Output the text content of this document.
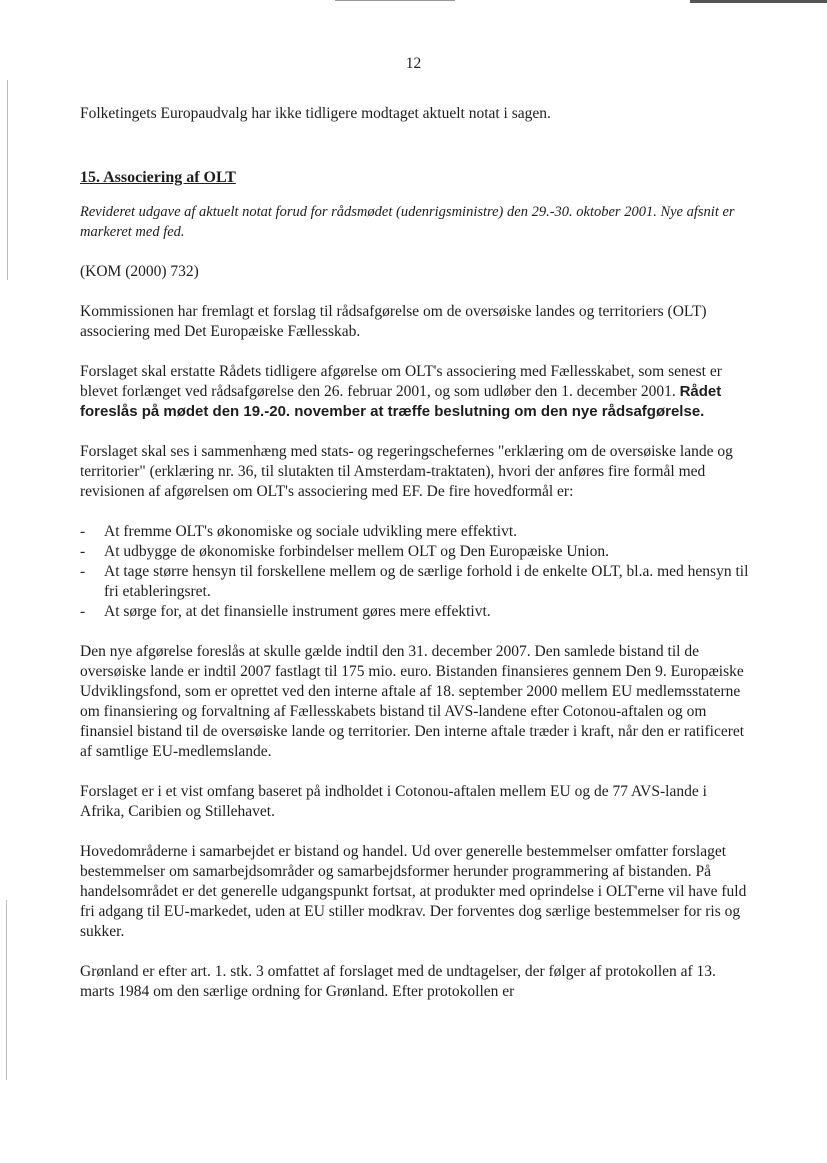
12

Folketingets Europaudvalg har ikke tidligere modtaget aktuelt notat i sagen.

15. Associering af OLT

Revideret udgave af aktuelt notat forud for rådsmødet (udenrigsministre) den 29.-30. oktober 2001. Nye afsnit er markeret med fed.

(KOM (2000) 732)

Kommissionen har fremlagt et forslag til rådsafgørelse om de oversøiske landes og territoriers (OLT) associering med Det Europæiske Fællesskab.

Forslaget skal erstatte Rådets tidligere afgørelse om OLT's associering med Fællesskabet, som senest er blevet forlænget ved rådsafgørelse den 26. februar 2001, og som udløber den 1. december 2001. Rådet foreslås på mødet den 19.-20. november at træffe beslutning om den nye rådsafgørelse.

Forslaget skal ses i sammenhæng med stats- og regeringschefernes "erklæring om de oversøiske lande og territorier" (erklæring nr. 36, til slutakten til Amsterdam-traktaten), hvori der anføres fire formål med revisionen af afgørelsen om OLT's associering med EF. De fire hovedformål er:

- At fremme OLT's økonomiske og sociale udvikling mere effektivt.
- At udbygge de økonomiske forbindelser mellem OLT og Den Europæiske Union.
- At tage større hensyn til forskellene mellem og de særlige forhold i de enkelte OLT, bl.a. med hensyn til fri etableringsret.
- At sørge for, at det finansielle instrument gøres mere effektivt.

Den nye afgørelse foreslås at skulle gælde indtil den 31. december 2007. Den samlede bistand til de oversøiske lande er indtil 2007 fastlagt til 175 mio. euro. Bistanden finansieres gennem Den 9. Europæiske Udviklingsfond, som er oprettet ved den interne aftale af 18. september 2000 mellem EU medlemsstaterne om finansiering og forvaltning af Fællesskabets bistand til AVS-landene efter Cotonou-aftalen og om finansiel bistand til de oversøiske lande og territorier. Den interne aftale træder i kraft, når den er ratificeret af samtlige EU-medlemslande.

Forslaget er i et vist omfang baseret på indholdet i Cotonou-aftalen mellem EU og de 77 AVS-lande i Afrika, Caribien og Stillehavet.

Hovedområderne i samarbejdet er bistand og handel. Ud over generelle bestemmelser omfatter forslaget bestemmelser om samarbejdsområder og samarbejdsformer herunder programmering af bistanden. På handelsområdet er det generelle udgangspunkt fortsat, at produkter med oprindelse i OLT'erne vil have fuld fri adgang til EU-markedet, uden at EU stiller modkrav. Der forventes dog særlige bestemmelser for ris og sukker.

Grønland er efter art. 1. stk. 3 omfattet af forslaget med de undtagelser, der følger af protokollen af 13. marts 1984 om den særlige ordning for Grønland. Efter protokollen er
